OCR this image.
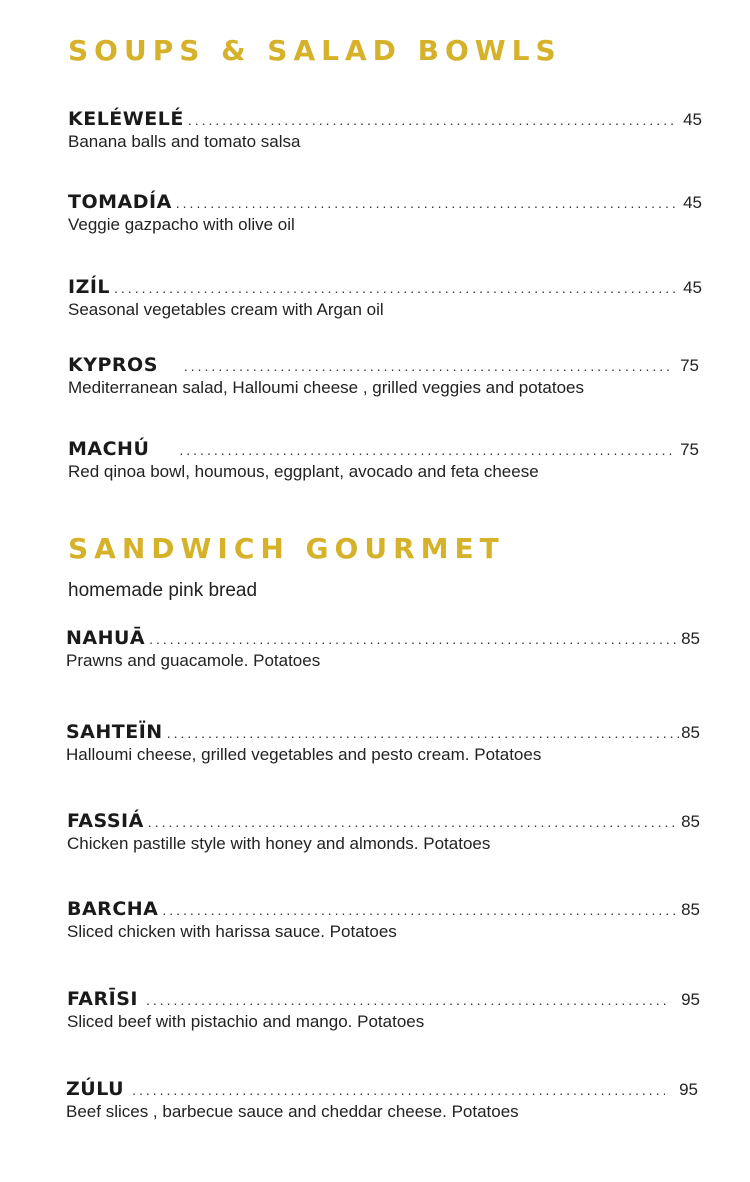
SOUPS & SALAD BOWLS
KELÉWELÉ .....	45
Banana balls and tomato salsa
TOMADÍA .....	45
Veggie gazpacho with olive oil
IZÍL .....	45
Seasonal vegetables cream with Argan oil
KYPROS .....	75
Mediterranean salad, Halloumi cheese , grilled veggies and potatoes
MACHÚ .....	75
Red qinoa bowl, houmous, eggplant, avocado and feta cheese
SANDWICH GOURMET
homemade pink bread
NAHUĀ .....	85
Prawns and guacamole. Potatoes
SAHTEÏN .....	85
Halloumi cheese, grilled vegetables and pesto cream. Potatoes
FASSIÁ .....	85
Chicken pastille style with honey and almonds. Potatoes
BARCHA .....	85
Sliced chicken with harissa sauce. Potatoes
FARĪSI .....	95
Sliced beef with pistachio and mango. Potatoes
ZÚLU .....	95
Beef slices , barbecue sauce and cheddar cheese. Potatoes
